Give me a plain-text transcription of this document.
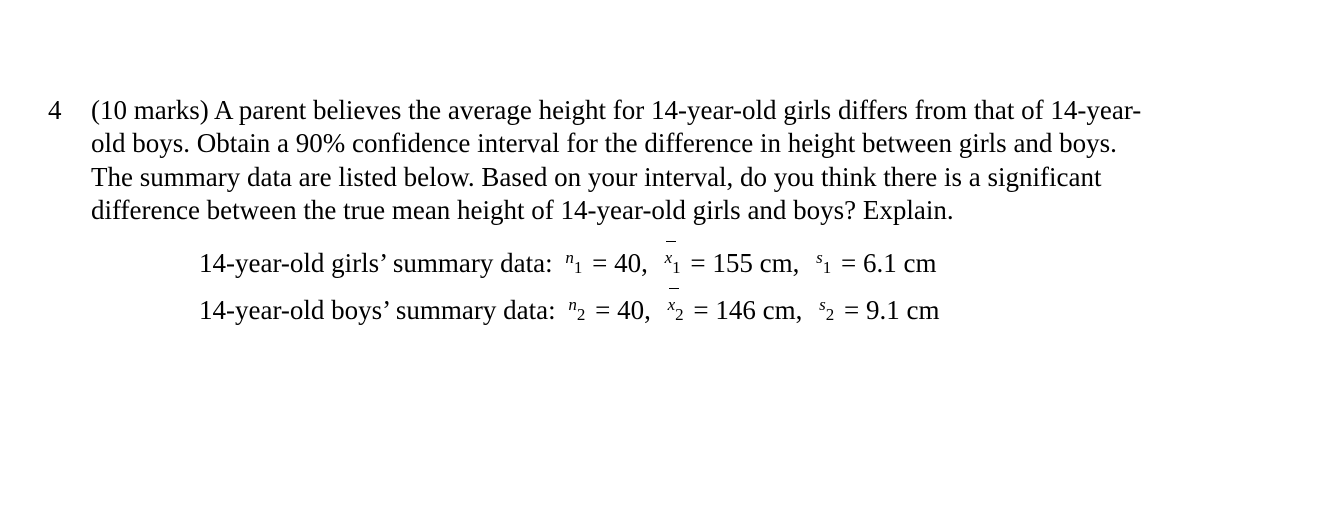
4 (10 marks) A parent believes the average height for 14-year-old girls differs from that of 14-year-
old boys. Obtain a 90% confidence interval for the difference in height between girls and boys.
The summary data are listed below. Based on your interval, do you think there is a significant
difference between the true mean height of 14-year-old girls and boys? Explain.
14-year-old girls’ summary data: n1 = 40, x1 = 155 cm, s1 = 6.1 cm
14-year-old boys’ summary data: n2 = 40, x2 = 146 cm, s2 = 9.1 cm
